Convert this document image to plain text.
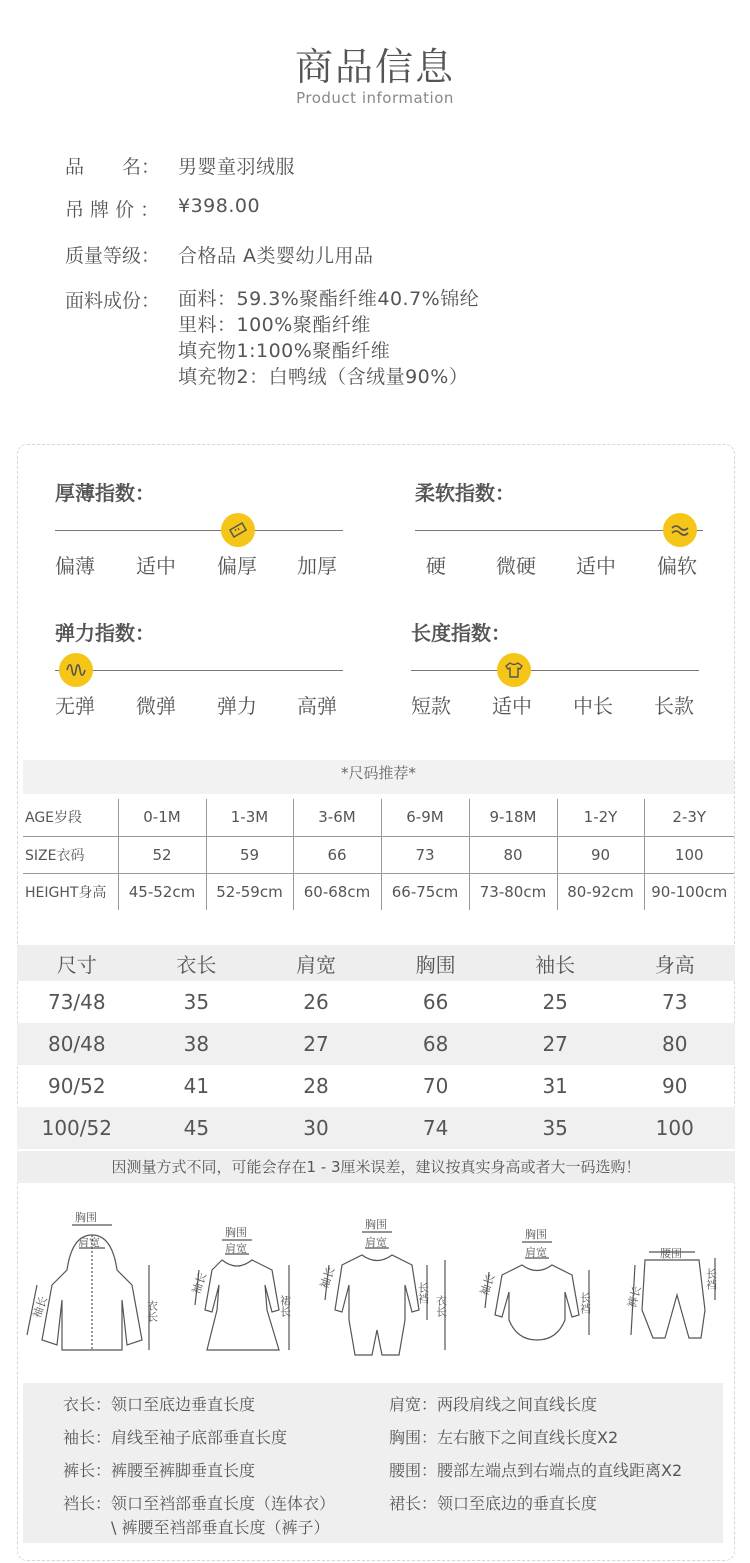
商品信息
Product information
品　　名： 男婴童羽绒服
吊 牌 价 ： ¥398.00
质量等级： 合格品 A类婴幼儿用品
面料成份： 面料：59.3%聚酯纤维40.7%锦纶
里料：100%聚酯纤维
填充物1:100%聚酯纤维
填充物2：白鸭绒（含绒量90%）
厚薄指数：
偏薄 适中 偏厚 加厚
柔软指数：
硬	微硬 适中 偏软
弹力指数：
无弹 微弹 弹力 高弹
长度指数：
短款 适中 中长 长款
*尺码推荐*
AGE岁段	0-1M	1-3M	3-6M	6-9M	9-18M	1-2Y	2-3Y
SIZE衣码	52	59	66	73	80	90	100
HEIGHT身高	45-52cm	52-59cm	60-68cm	66-75cm	73-80cm	80-92cm	90-100cm
尺寸	衣长	肩宽	胸围	袖长	身高
73/48	35	26	66	25	73
80/48	38	27	68	27	80
90/52	41	28	70	31	90
100/52	45	30	74	35	100
因测量方式不同，可能会存在1 - 3厘米误差，建议按真实身高或者大一码选购！
胸围
肩宽
衣长
袖长
胸围
肩宽
裙长
袖长
胸围
肩宽
长裆
衣长
袖长
胸围
肩宽
长裆
袖长
腰围
长裆
裤长
衣长：领口至底边垂直长度	肩宽：两段肩线之间直线长度
袖长：肩线至袖子底部垂直长度	胸围：左右腋下之间直线长度X2
裤长：裤腰至裤脚垂直长度	腰围：腰部左端点到右端点的直线距离X2
裆长：领口至裆部垂直长度（连体衣）	裙长：领口至底边的垂直长度
\ 裤腰至裆部垂直长度（裤子）
